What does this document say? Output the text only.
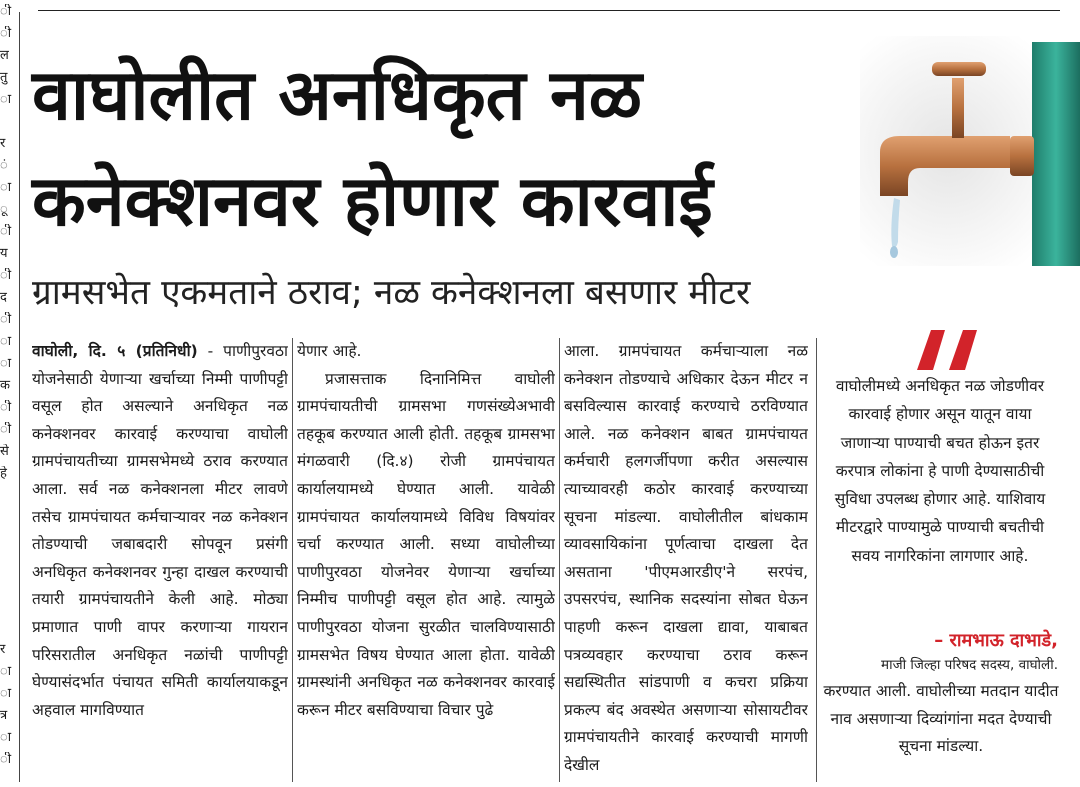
ी
ी
ल
तु
ा
र
ं
ा
ू
ी
य
ी
द
ी
ा
ा
क
ी
ी
से
हे
र
ा
ा
त्र
ा
ी
वाघोलीत अनधिकृत नळ
कनेक्शनवर होणार कारवाई
ग्रामसभेत एकमताने ठराव; नळ कनेक्शनला बसणार मीटर

वाघोली, दि. ५ (प्रतिनिधी) - पाणीपुरवठा योजनेसाठी येणाऱ्या खर्चाच्या निम्मी पाणीपट्टी वसूल होत असल्याने अनधिकृत नळ कनेक्शनवर कारवाई करण्याचा वाघोली ग्रामपंचायतीच्या ग्रामसभेमध्ये ठराव करण्यात आला. सर्व नळ कनेक्शनला मीटर लावणे तसेच ग्रामपंचायत कर्मचाऱ्यावर नळ कनेक्शन तोडण्याची जबाबदारी सोपवून प्रसंगी अनधिकृत कनेक्शनवर गुन्हा दाखल करण्याची तयारी ग्रामपंचायतीने केली आहे. मोठ्या प्रमाणात पाणी वापर करणाऱ्या गायरान परिसरातील अनधिकृत नळांची पाणीपट्टी घेण्यासंदर्भात पंचायत समिती कार्यालयाकडून अहवाल मागविण्यात

येणार आहे.

प्रजासत्ताक दिनानिमित्त वाघोली ग्रामपंचायतीची ग्रामसभा गणसंख्येअभावी तहकूब करण्यात आली होती. तहकूब ग्रामसभा मंगळवारी (दि.४) रोजी ग्रामपंचायत कार्यालयामध्ये घेण्यात आली. यावेळी ग्रामपंचायत कार्यालयामध्ये विविध विषयांवर चर्चा करण्यात आली. सध्या वाघोलीच्या पाणीपुरवठा योजनेवर येणाऱ्या खर्चाच्या निम्मीच पाणीपट्टी वसूल होत आहे. त्यामुळे पाणीपुरवठा योजना सुरळीत चालविण्यासाठी ग्रामसभेत विषय घेण्यात आला होता. यावेळी ग्रामस्थांनी अनधिकृत नळ कनेक्शनवर कारवाई करून मीटर बसविण्याचा विचार पुढे

आला. ग्रामपंचायत कर्मचाऱ्याला नळ कनेक्शन तोडण्याचे अधिकार देऊन मीटर न बसविल्यास कारवाई करण्याचे ठरविण्यात आले. नळ कनेक्शन बाबत ग्रामपंचायत कर्मचारी हलगर्जीपणा करीत असल्यास त्याच्यावरही कठोर कारवाई करण्याच्या सूचना मांडल्या. वाघोलीतील बांधकाम व्यावसायिकांना पूर्णत्वाचा दाखला देत असताना 'पीएमआरडीए'ने सरपंच, उपसरपंच, स्थानिक सदस्यांना सोबत घेऊन पाहणी करून दाखला द्यावा, याबाबत पत्रव्यवहार करण्याचा ठराव करून सद्यस्थितीत सांडपाणी व कचरा प्रक्रिया प्रकल्प बंद अवस्थेत असणाऱ्या सोसायटीवर ग्रामपंचायतीने कारवाई करण्याची मागणी देखील

वाघोलीमध्ये अनधिकृत नळ जोडणीवर कारवाई होणार असून यातून वाया जाणाऱ्या पाण्याची बचत होऊन इतर करपात्र लोकांना हे पाणी देण्यासाठीची सुविधा उपलब्ध होणार आहे. याशिवाय मीटरद्वारे पाण्यामुळे पाण्याची बचतीची सवय नागरिकांना लागणार आहे.

– रामभाऊ दाभाडे,
माजी जिल्हा परिषद सदस्य, वाघोली.

करण्यात आली. वाघोलीच्या मतदान यादीत नाव असणाऱ्या दिव्यांगांना मदत देण्याची सूचना मांडल्या.
